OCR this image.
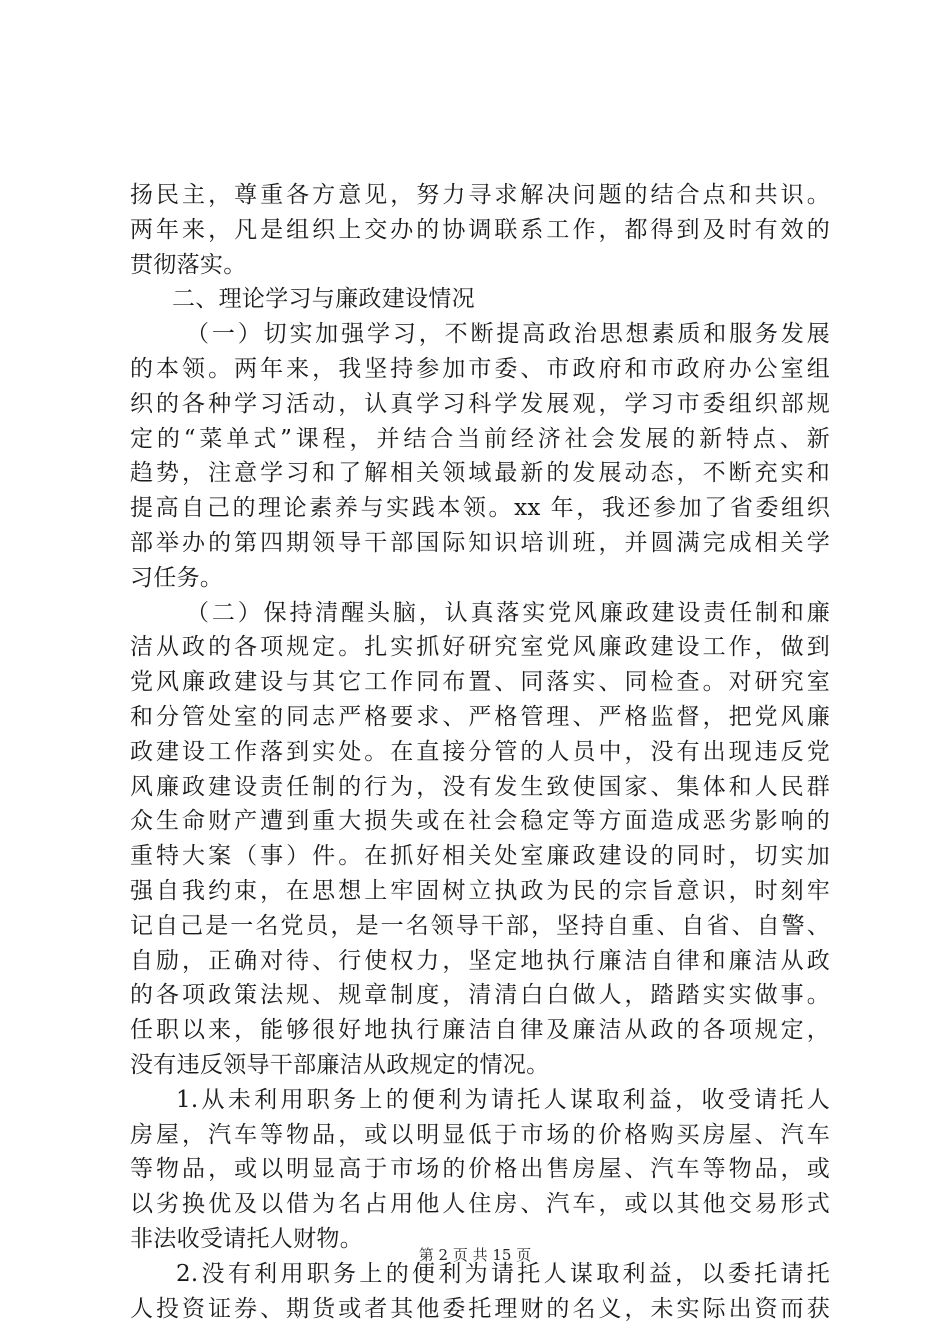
扬民主，尊重各方意见，努力寻求解决问题的结合点和共识。
两年来，凡是组织上交办的协调联系工作，都得到及时有效的
贯彻落实。
二、理论学习与廉政建设情况
（一）切实加强学习，不断提高政治思想素质和服务发展
的本领。两年来，我坚持参加市委、市政府和市政府办公室组
织的各种学习活动，认真学习科学发展观，学习市委组织部规
定的“菜单式”课程，并结合当前经济社会发展的新特点、新
趋势，注意学习和了解相关领域最新的发展动态，不断充实和
提高自己的理论素养与实践本领。xx 年，我还参加了省委组织
部举办的第四期领导干部国际知识培训班，并圆满完成相关学
习任务。
（二）保持清醒头脑，认真落实党风廉政建设责任制和廉
洁从政的各项规定。扎实抓好研究室党风廉政建设工作，做到
党风廉政建设与其它工作同布置、同落实、同检查。对研究室
和分管处室的同志严格要求、严格管理、严格监督，把党风廉
政建设工作落到实处。在直接分管的人员中，没有出现违反党
风廉政建设责任制的行为，没有发生致使国家、集体和人民群
众生命财产遭到重大损失或在社会稳定等方面造成恶劣影响的
重特大案（事）件。在抓好相关处室廉政建设的同时，切实加
强自我约束，在思想上牢固树立执政为民的宗旨意识，时刻牢
记自己是一名党员，是一名领导干部，坚持自重、自省、自警、
自励，正确对待、行使权力，坚定地执行廉洁自律和廉洁从政
的各项政策法规、规章制度，清清白白做人，踏踏实实做事。
任职以来，能够很好地执行廉洁自律及廉洁从政的各项规定，
没有违反领导干部廉洁从政规定的情况。
1.从未利用职务上的便利为请托人谋取利益，收受请托人
房屋，汽车等物品，或以明显低于市场的价格购买房屋、汽车
等物品，或以明显高于市场的价格出售房屋、汽车等物品，或
以劣换优及以借为名占用他人住房、汽车，或以其他交易形式
非法收受请托人财物。
2.没有利用职务上的便利为请托人谋取利益，以委托请托
人投资证券、期货或者其他委托理财的名义，未实际出资而获
第 2 页 共 15 页
